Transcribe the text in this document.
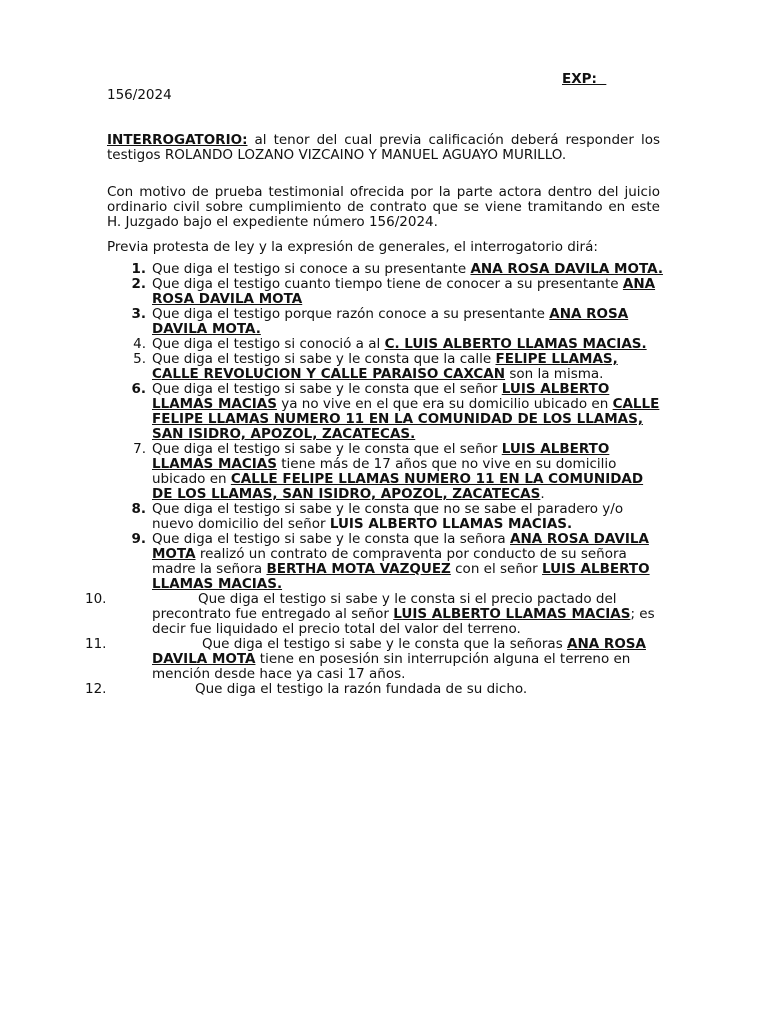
EXP:
156/2024
INTERROGATORIO: al tenor del cual previa calificación deberá responder los testigos ROLANDO LOZANO VIZCAINO Y MANUEL AGUAYO MURILLO.
Con motivo de prueba testimonial ofrecida por la parte actora dentro del juicio ordinario civil sobre cumplimiento de contrato que se viene tramitando en este H. Juzgado bajo el expediente número 156/2024.
Previa protesta de ley y la expresión de generales, el interrogatorio dirá:
1. Que diga el testigo si conoce a su presentante ANA ROSA DAVILA MOTA.
2. Que diga el testigo cuanto tiempo tiene de conocer a su presentante ANA ROSA DAVILA MOTA
3. Que diga el testigo porque razón conoce a su presentante ANA ROSA DAVILA MOTA.
4. Que diga el testigo si conoció a al C. LUIS ALBERTO LLAMAS MACIAS.
5. Que diga el testigo si sabe y le consta que la calle FELIPE LLAMAS, CALLE REVOLUCION Y CALLE PARAISO CAXCAN son la misma.
6. Que diga el testigo si sabe y le consta que el señor LUIS ALBERTO LLAMAS MACIAS ya no vive en el que era su domicilio ubicado en CALLE FELIPE LLAMAS NUMERO 11 EN LA COMUNIDAD DE LOS LLAMAS, SAN ISIDRO, APOZOL, ZACATECAS.
7. Que diga el testigo si sabe y le consta que el señor LUIS ALBERTO LLAMAS MACIAS tiene más de 17 años que no vive en su domicilio ubicado en CALLE FELIPE LLAMAS NUMERO 11 EN LA COMUNIDAD DE LOS LLAMAS, SAN ISIDRO, APOZOL, ZACATECAS.
8. Que diga el testigo si sabe y le consta que no se sabe el paradero y/o nuevo domicilio del señor LUIS ALBERTO LLAMAS MACIAS.
9. Que diga el testigo si sabe y le consta que la señora ANA ROSA DAVILA MOTA realizó un contrato de compraventa por conducto de su señora madre la señora BERTHA MOTA VAZQUEZ con el señor LUIS ALBERTO LLAMAS MACIAS.
10.	Que diga el testigo si sabe y le consta si el precio pactado del precontrato fue entregado al señor LUIS ALBERTO LLAMAS MACIAS; es decir fue liquidado el precio total del valor del terreno.
11.	Que diga el testigo si sabe y le consta que la señoras ANA ROSA DAVILA MOTA tiene en posesión sin interrupción alguna el terreno en mención desde hace ya casi 17 años.
12.	Que diga el testigo la razón fundada de su dicho.
